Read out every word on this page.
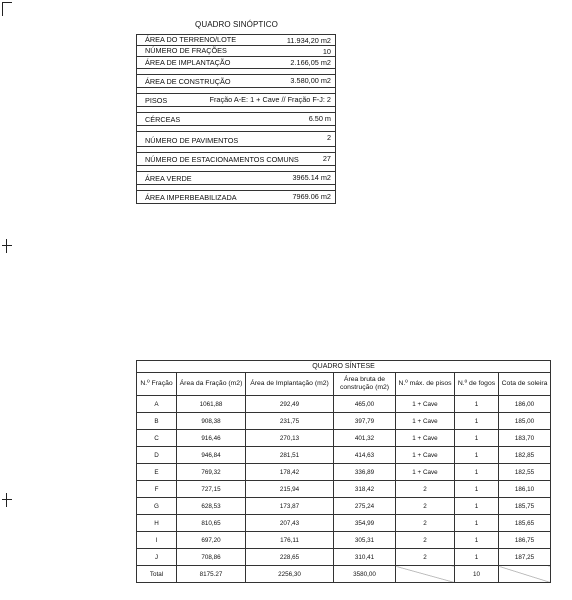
QUADRO SINÓPTICO
ÁREA DO TERRENO/LOTE	11.934,20 m2
NÚMERO DE FRAÇÕES	10
ÁREA DE IMPLANTAÇÃO	2.166,05 m2
ÁREA DE CONSTRUÇÃO	3.580,00 m2
PISOS	Fração A-E: 1 + Cave // Fração F-J: 2
CÉRCEAS	6.50 m
NÚMERO DE PAVIMENTOS	2
NÚMERO DE ESTACIONAMENTOS COMUNS	27
ÁREA VERDE	3965.14 m2
ÁREA IMPERBEABILIZADA	7969.06 m2
QUADRO SÍNTESE						
N.º Fração	Área da Fração (m2)	Área de Implantação (m2)	Área bruta de construção (m2)	N.º máx. de pisos	N.º de fogos	Cota de soleira
A	1061,88	292,49	465,00	1 + Cave	1	186,00
B	908,38	231,75	397,79	1 + Cave	1	185,00
C	916,46	270,13	401,32	1 + Cave	1	183,70
D	946,84	281,51	414,63	1 + Cave	1	182,85
E	769,32	178,42	336,89	1 + Cave	1	182,55
F	727,15	215,94	318,42	2	1	186,10
G	628,53	173,87	275,24	2	1	185,75
H	810,65	207,43	354,99	2	1	185,65
I	697,20	176,11	305,31	2	1	186,75
J	708,86	228,65	310,41	2	1	187,25
Total	8175.27	2256,30	3580,00		10	
